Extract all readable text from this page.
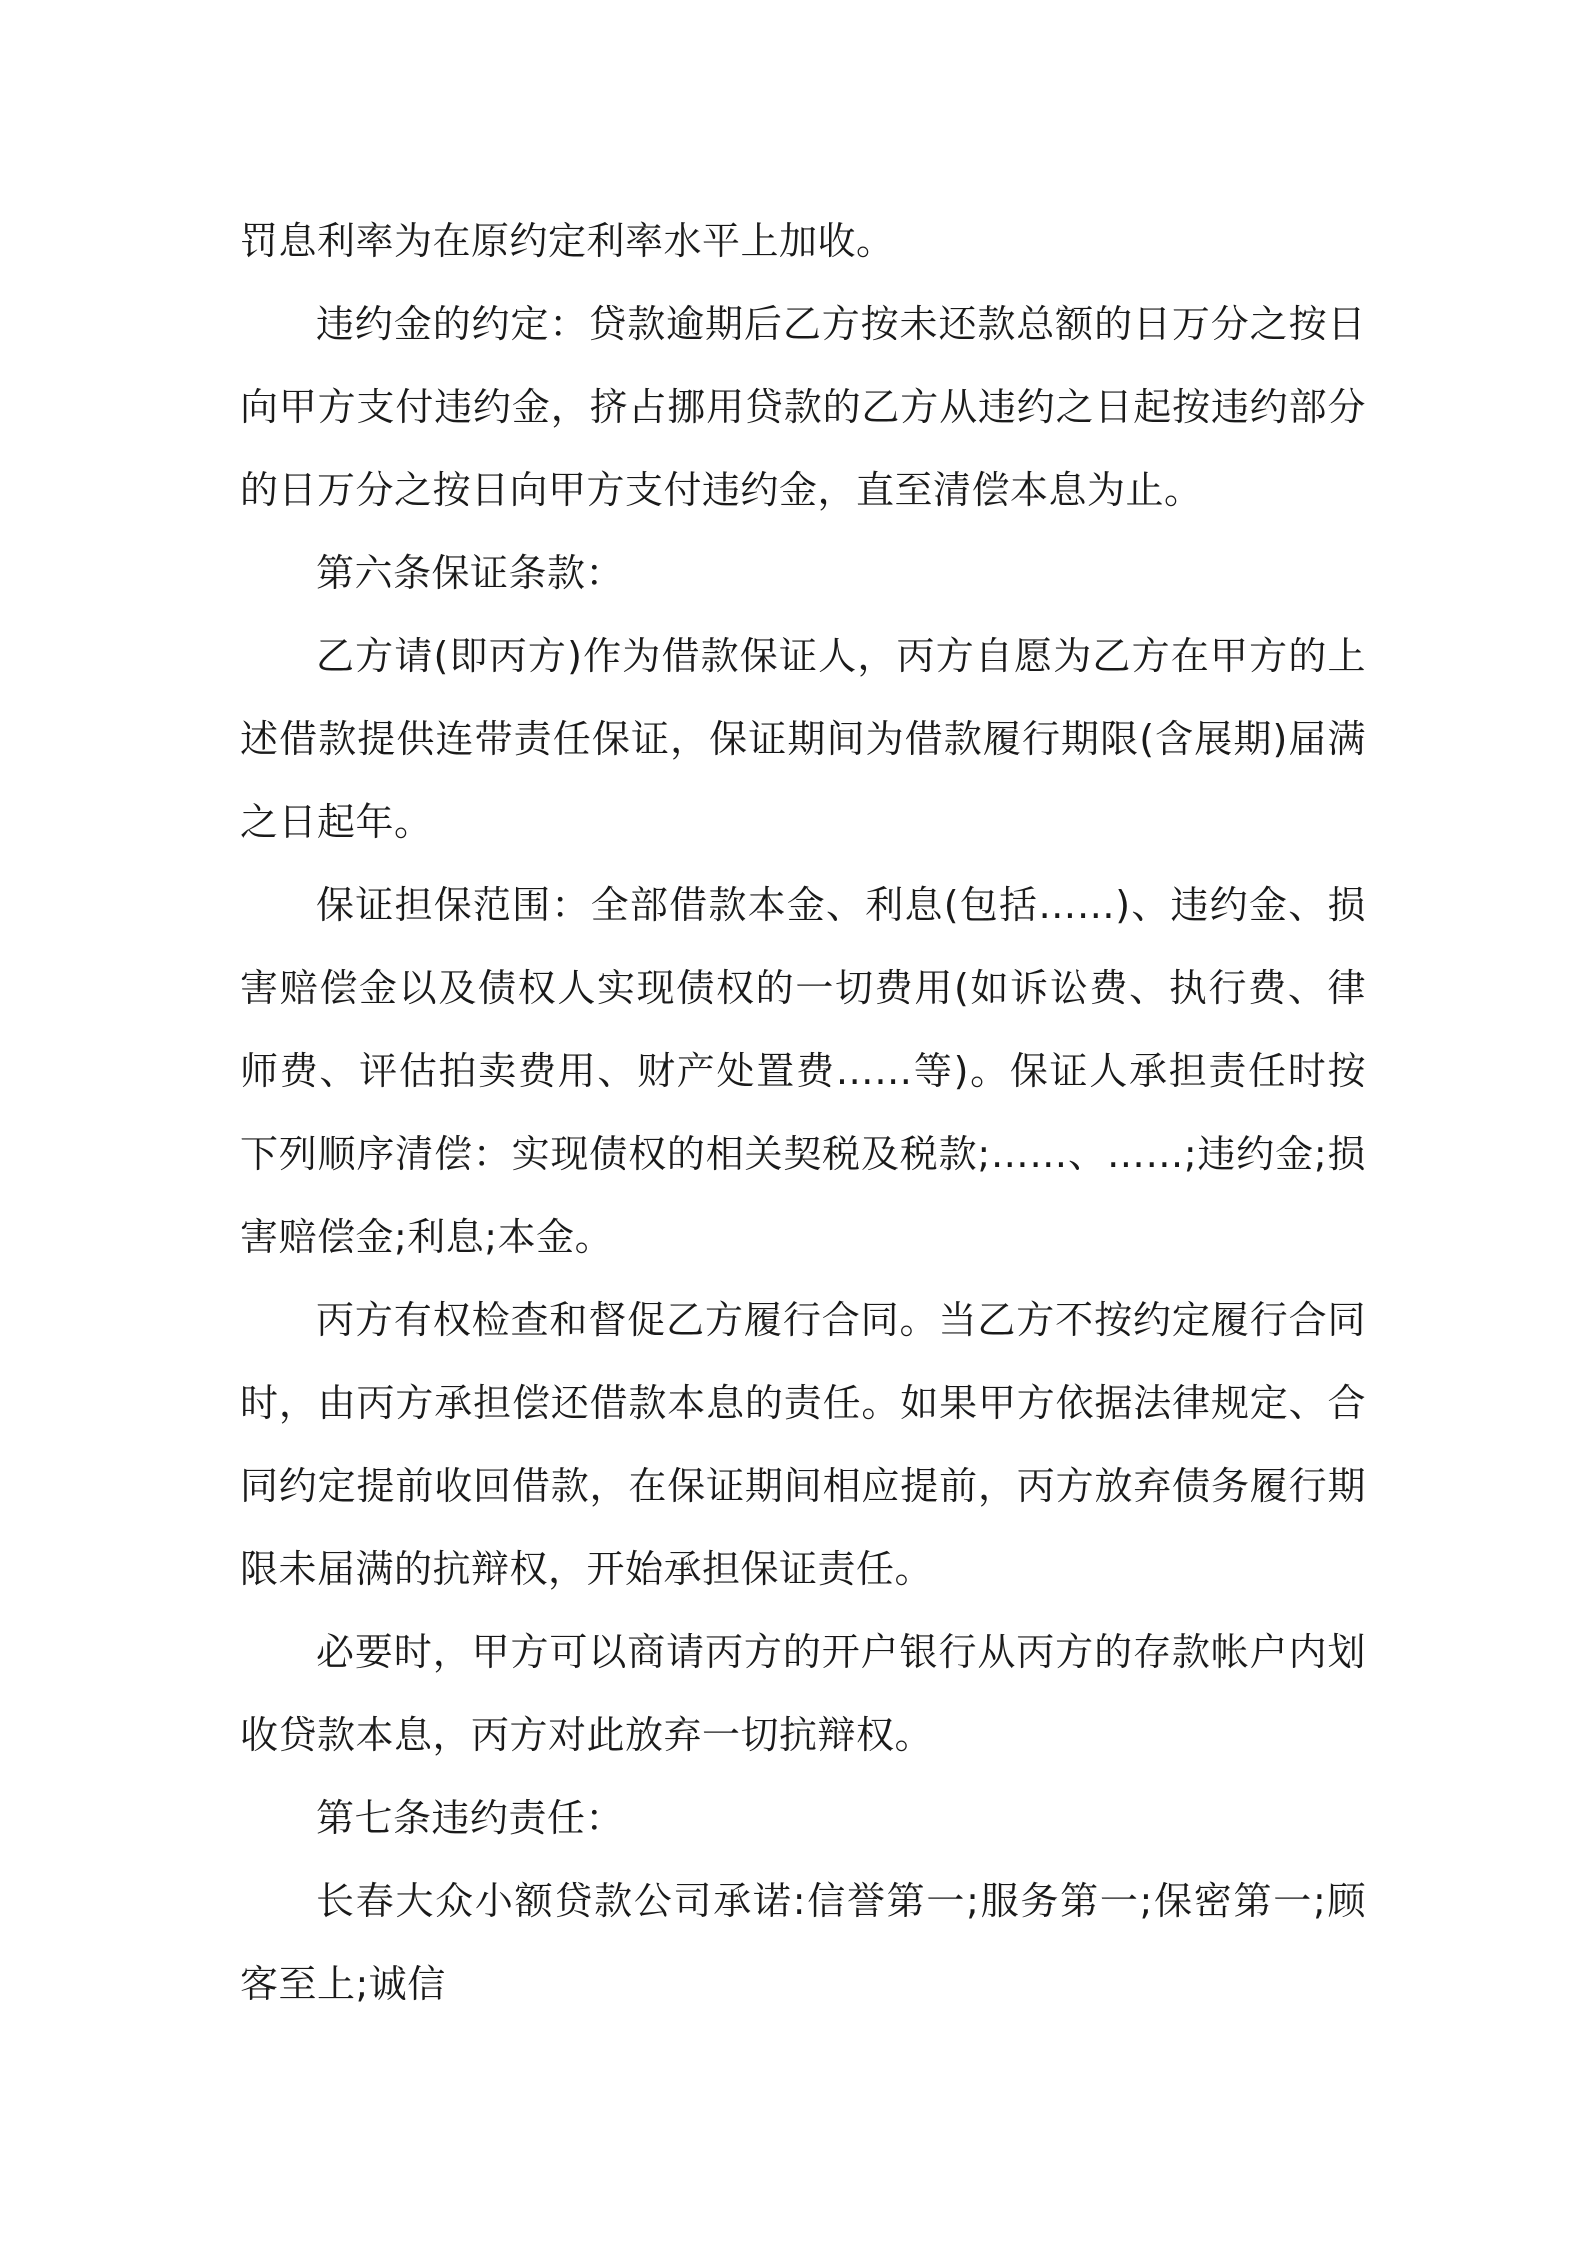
罚息利率为在原约定利率水平上加收。

违约金的约定：贷款逾期后乙方按未还款总额的日万分之按日向甲方支付违约金，挤占挪用贷款的乙方从违约之日起按违约部分的日万分之按日向甲方支付违约金，直至清偿本息为止。

第六条保证条款：

乙方请(即丙方)作为借款保证人，丙方自愿为乙方在甲方的上述借款提供连带责任保证，保证期间为借款履行期限(含展期)届满之日起年。

保证担保范围：全部借款本金、利息(包括……)、违约金、损害赔偿金以及债权人实现债权的一切费用(如诉讼费、执行费、律师费、评估拍卖费用、财产处置费……等)。保证人承担责任时按下列顺序清偿：实现债权的相关契税及税款;……、……;违约金;损害赔偿金;利息;本金。

丙方有权检查和督促乙方履行合同。当乙方不按约定履行合同时，由丙方承担偿还借款本息的责任。如果甲方依据法律规定、合同约定提前收回借款，在保证期间相应提前，丙方放弃债务履行期限未届满的抗辩权，开始承担保证责任。

必要时，甲方可以商请丙方的开户银行从丙方的存款帐户内划收贷款本息，丙方对此放弃一切抗辩权。

第七条违约责任：

长春大众小额贷款公司承诺:信誉第一;服务第一;保密第一;顾客至上;诚信
